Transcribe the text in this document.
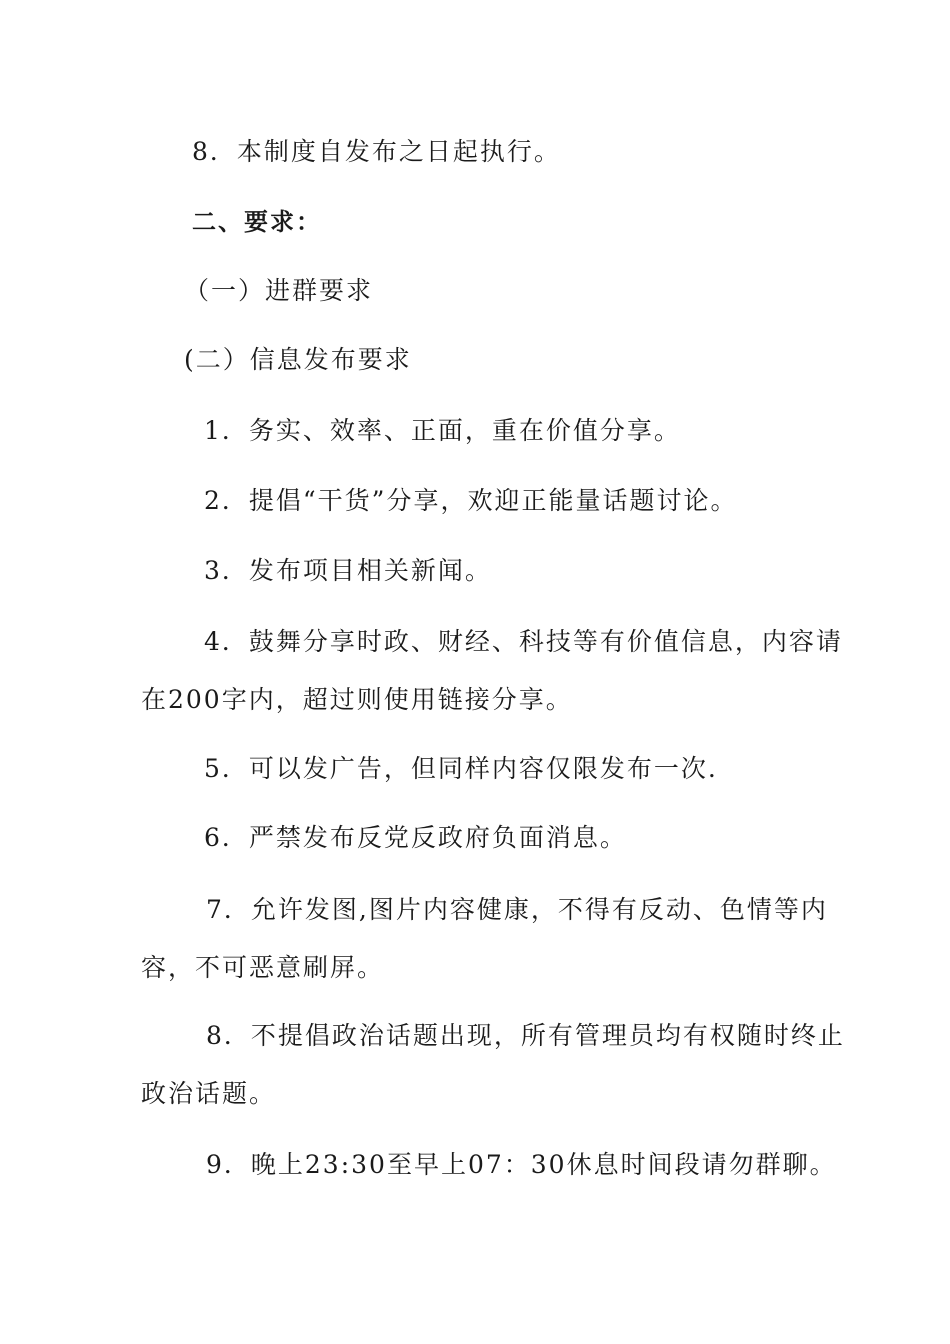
8．本制度自发布之日起执行。
二、要求：
（一）进群要求
(二）信息发布要求
1．务实、效率、正面，重在价值分享。
2．提倡“干货”分享，欢迎正能量话题讨论。
3．发布项目相关新闻。
4．鼓舞分享时政、财经、科技等有价值信息，内容请
在200字内，超过则使用链接分享。
5．可以发广告，但同样内容仅限发布一次.
6．严禁发布反党反政府负面消息。
7．允许发图,图片内容健康，不得有反动、色情等内
容，不可恶意刷屏。
8．不提倡政治话题出现，所有管理员均有权随时终止
政治话题。
9．晚上23:30至早上07：30休息时间段请勿群聊。
